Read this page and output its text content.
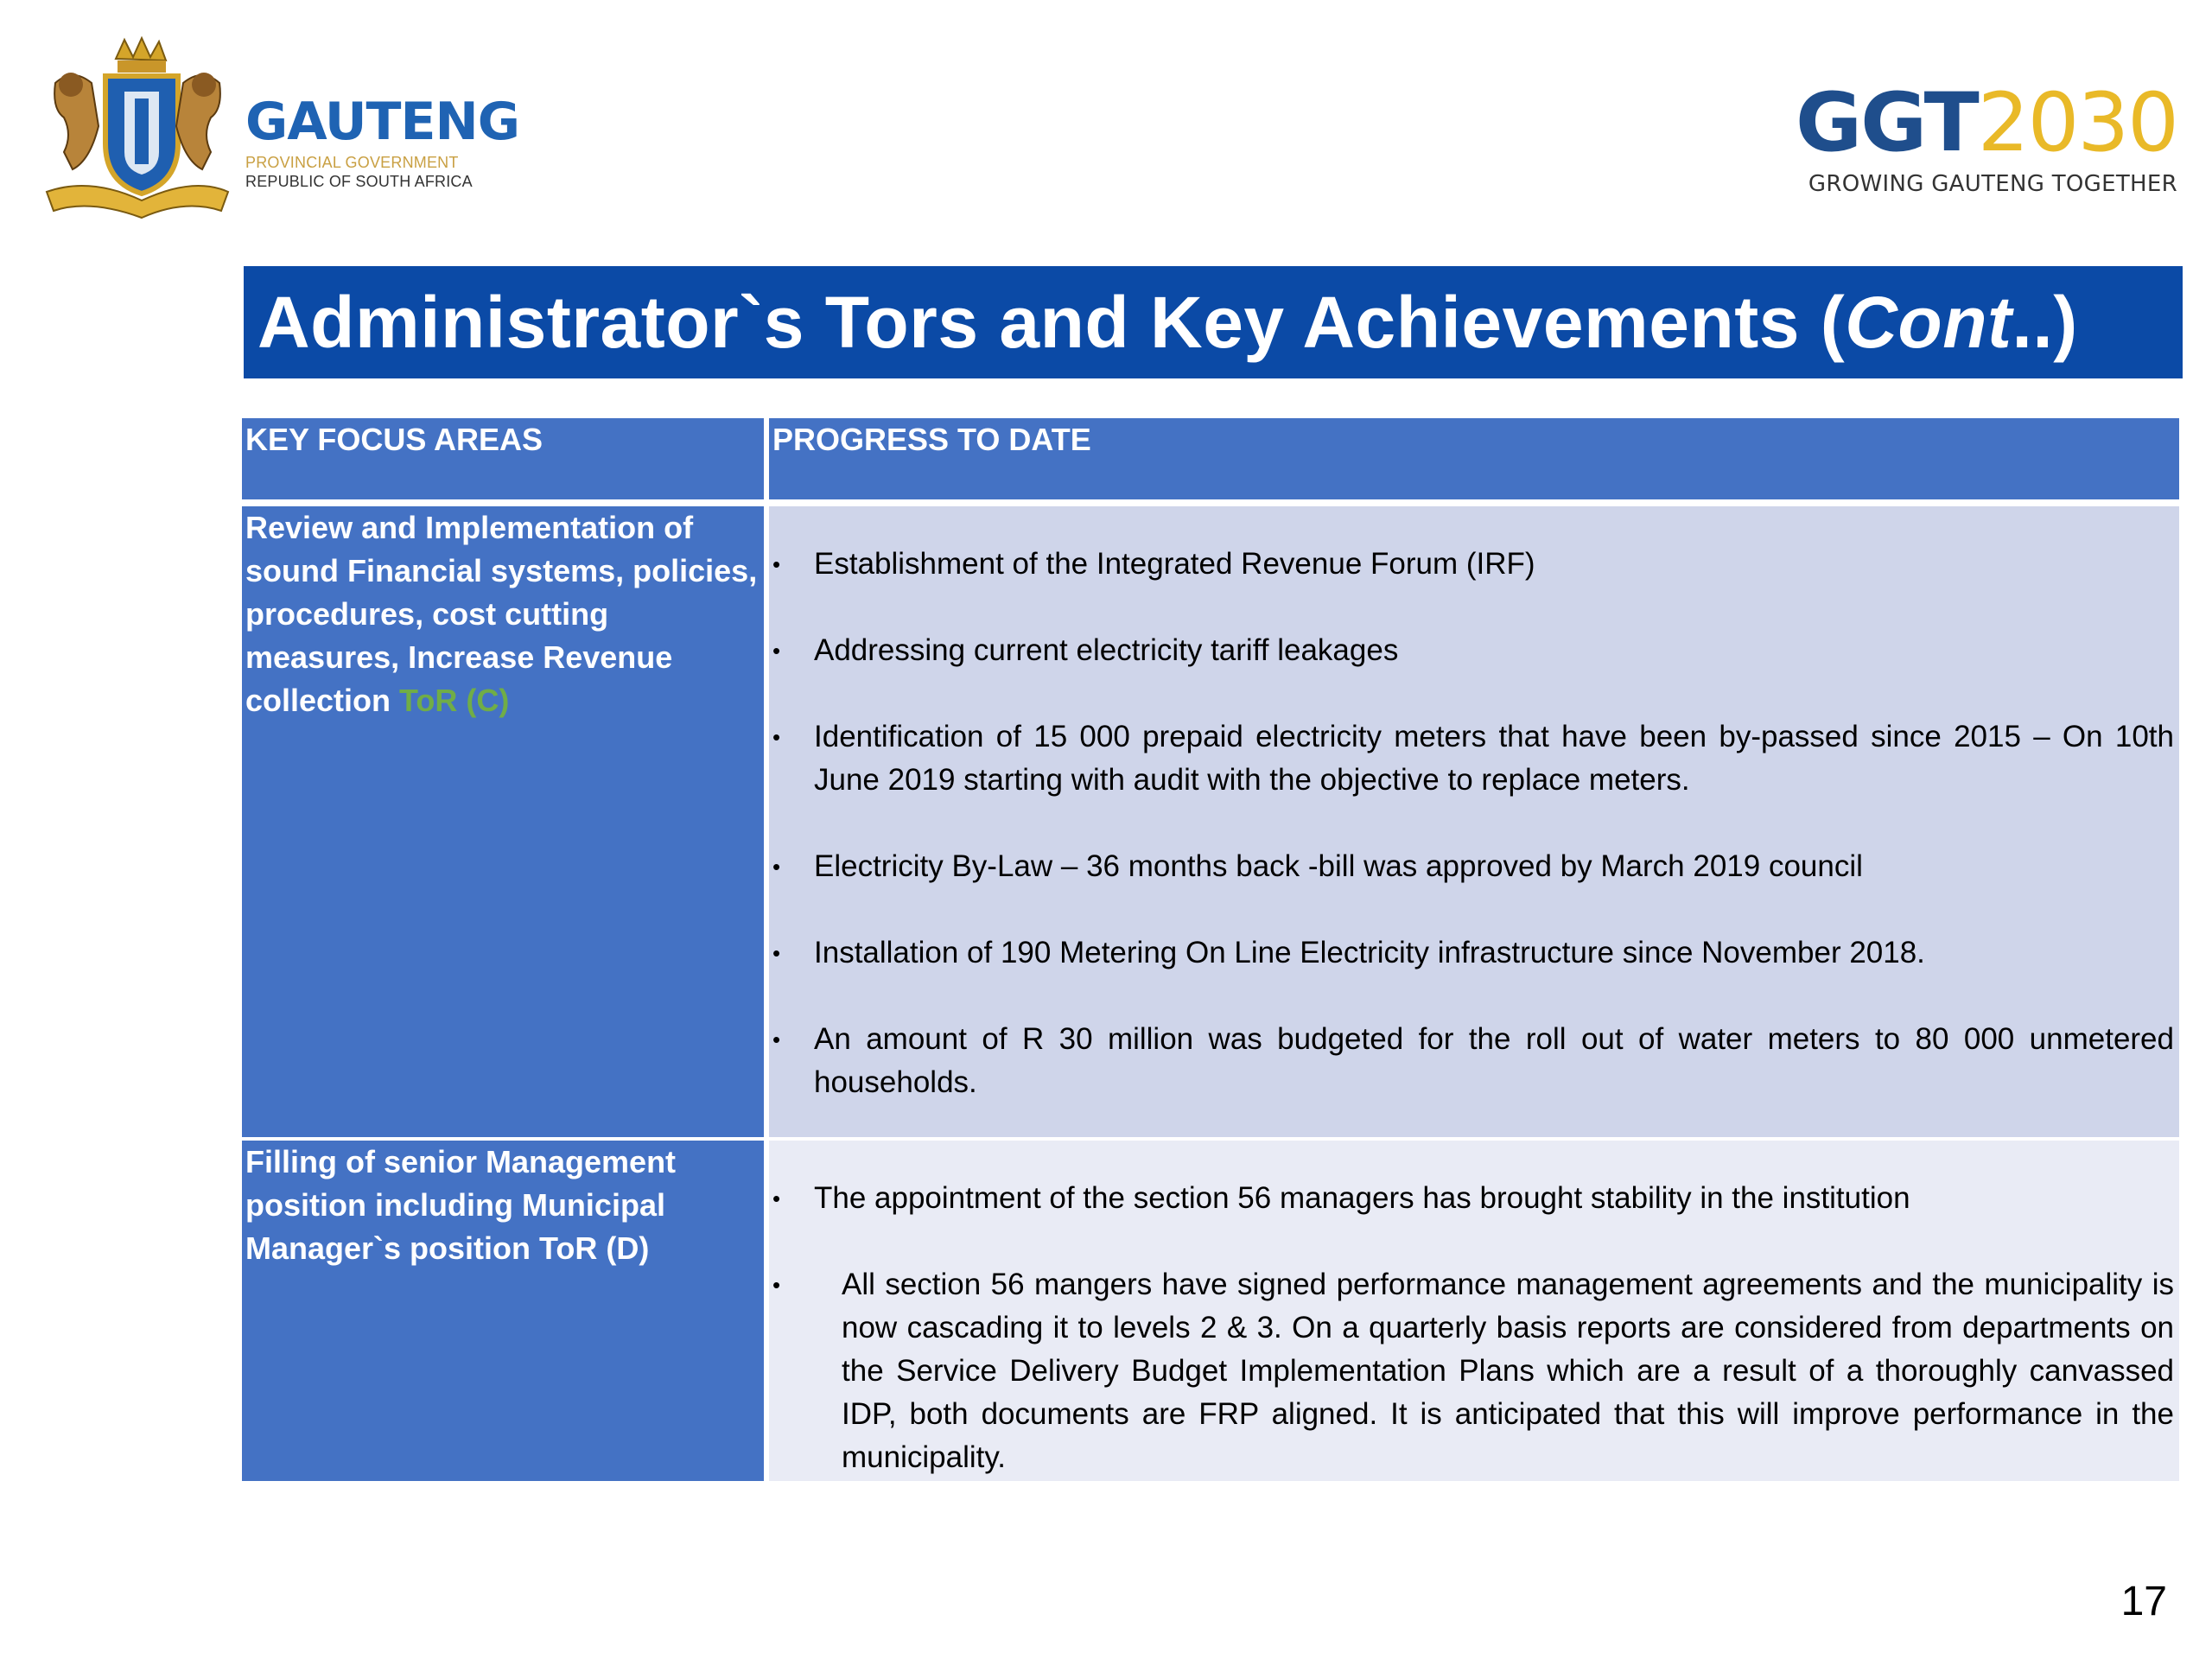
GAUTENG
PROVINCIAL GOVERNMENT
REPUBLIC OF SOUTH AFRICA
GGT2030
GROWING GAUTENG TOGETHER
Administrator`s Tors and Key Achievements (Cont..)
KEY FOCUS AREAS	PROGRESS TO DATE
Review and Implementation of sound Financial systems, policies, procedures, cost cutting measures, Increase Revenue collection ToR (C)
• Establishment of the Integrated Revenue Forum (IRF)
• Addressing current electricity tariff leakages
• Identification of 15 000 prepaid electricity meters that have been by-passed since 2015 – On 10th June 2019 starting with audit with the objective to replace meters.
• Electricity By-Law – 36 months back -bill was approved by March 2019 council
• Installation of 190 Metering On Line Electricity infrastructure since November 2018.
• An amount of R 30 million was budgeted for the roll out of water meters to 80 000 unmetered households.
Filling of senior Management position including Municipal Manager`s position ToR (D)
• The appointment of the section 56 managers has brought stability in the institution
• All section 56 mangers have signed performance management agreements and the municipality is now cascading it to levels 2 & 3. On a quarterly basis reports are considered from departments on the Service Delivery Budget Implementation Plans which are a result of a thoroughly canvassed IDP, both documents are FRP aligned. It is anticipated that this will improve performance in the municipality.
17
